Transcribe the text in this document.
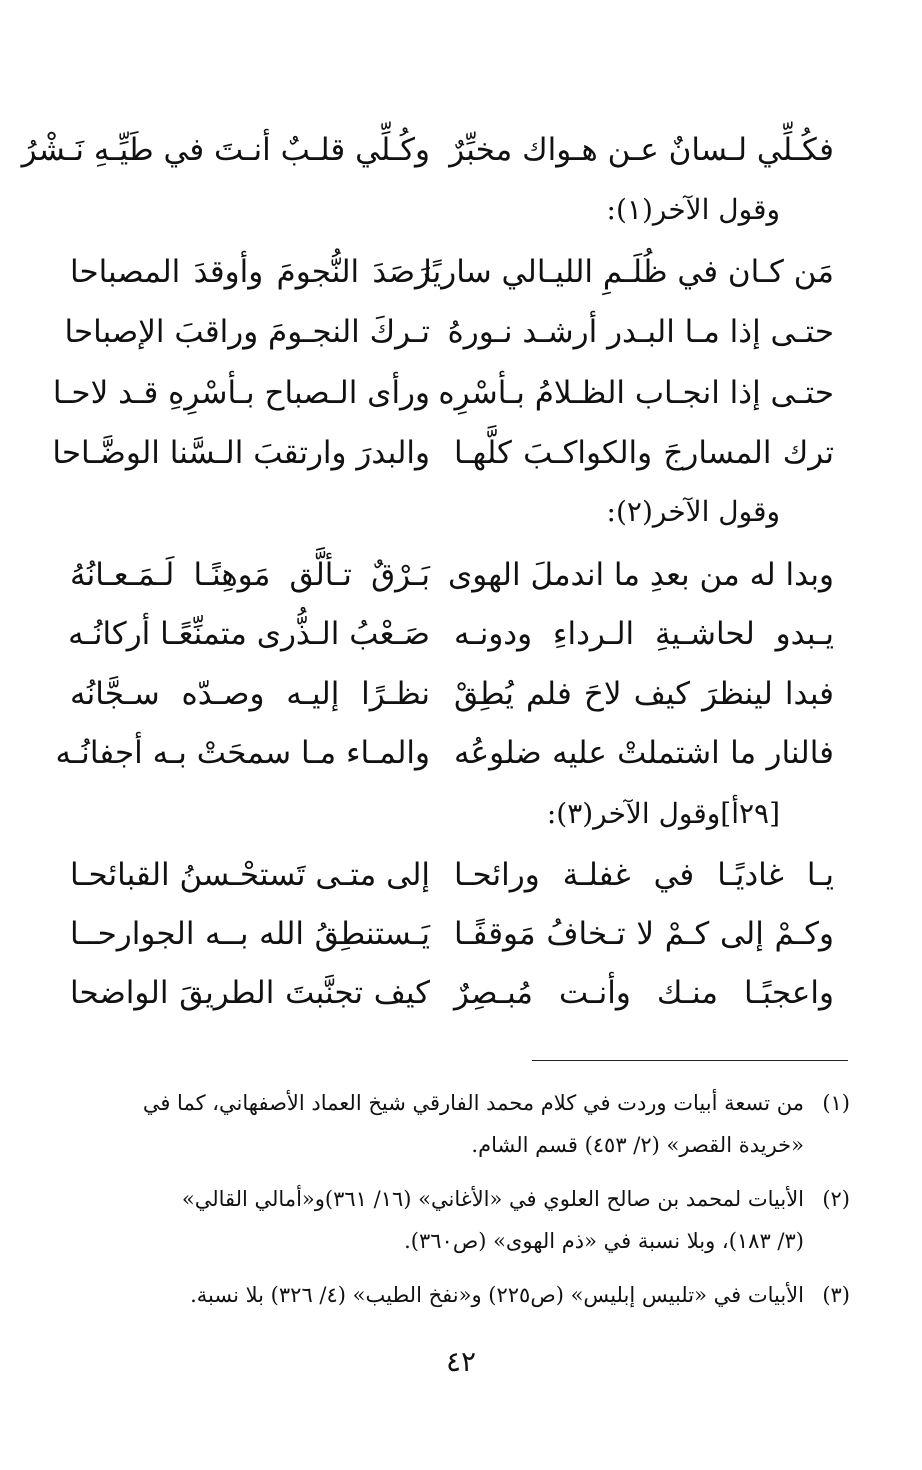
فكُـلِّي لـسانٌ عـن هـواك مخبِّرٌ
وكُـلِّي قلـبٌ أنـتَ في طَيِّـهِ نَـشْرُ
وقول الآخر(١):
مَن كـان في ظُلَـمِ الليـالي ساريًا
رَصَدَ النُّجومَ وأوقدَ المصباحا
حتـى إذا مـا البـدر أرشـد نـورهُ
تـركَ النجـومَ وراقبَ الإصباحا
حتـى إذا انجـاب الظـلامُ بـأسْرِه
ورأى الـصباح بـأسْرِهِ قـد لاحـا
ترك المسارجَ والكواكـبَ كلَّهـا
والبدرَ وارتقبَ الـسَّنا الوضَّـاحا
وقول الآخر(٢):
وبدا له من بعدِ ما اندملَ الهوى
بَـرْقٌ تـألَّق مَوهِنًـا لَـمَـعـانُهُ
يـبدو لحاشـيةِ الـرداءِ ودونـه
صَـعْبُ الـذُّرى متمنِّعًـا أركانُـه
فبدا لينظرَ كيف لاحَ فلم يُطِقْ
نظـرًا إليـه وصـدّه سـجَّانُه
فالنار ما اشتملتْ عليه ضلوعُه
والمـاء مـا سمحَتْ بـه أجفانُـه
[٢٩أ]وقول الآخر(٣):
يـا غاديًـا في غفلـة ورائحـا
إلى متـى تَستحْـسنُ القبائحـا
وكـمْ إلى كـمْ لا تـخافُ مَوقفًـا
يَـستنطِقُ الله بــه الجوارحــا
واعجبًـا منـك وأنـت مُبـصِرٌ
كيف تجنَّبتَ الطريقَ الواضحا
(١)من تسعة أبيات وردت في كلام محمد الفارقي شيخ العماد الأصفهاني، كما في
«خريدة القصر» (٢/ ٤٥٣) قسم الشام.
(٢)الأبيات لمحمد بن صالح العلوي في «الأغاني» (١٦/ ٣٦١)و«أمالي القالي»
(٣/ ١٨٣)، وبلا نسبة في «ذم الهوى» (ص٣٦٠).
(٣)الأبيات في «تلبيس إبليس» (ص٢٢٥) و«نفخ الطيب» (٤/ ٣٢٦) بلا نسبة.
٤٢
